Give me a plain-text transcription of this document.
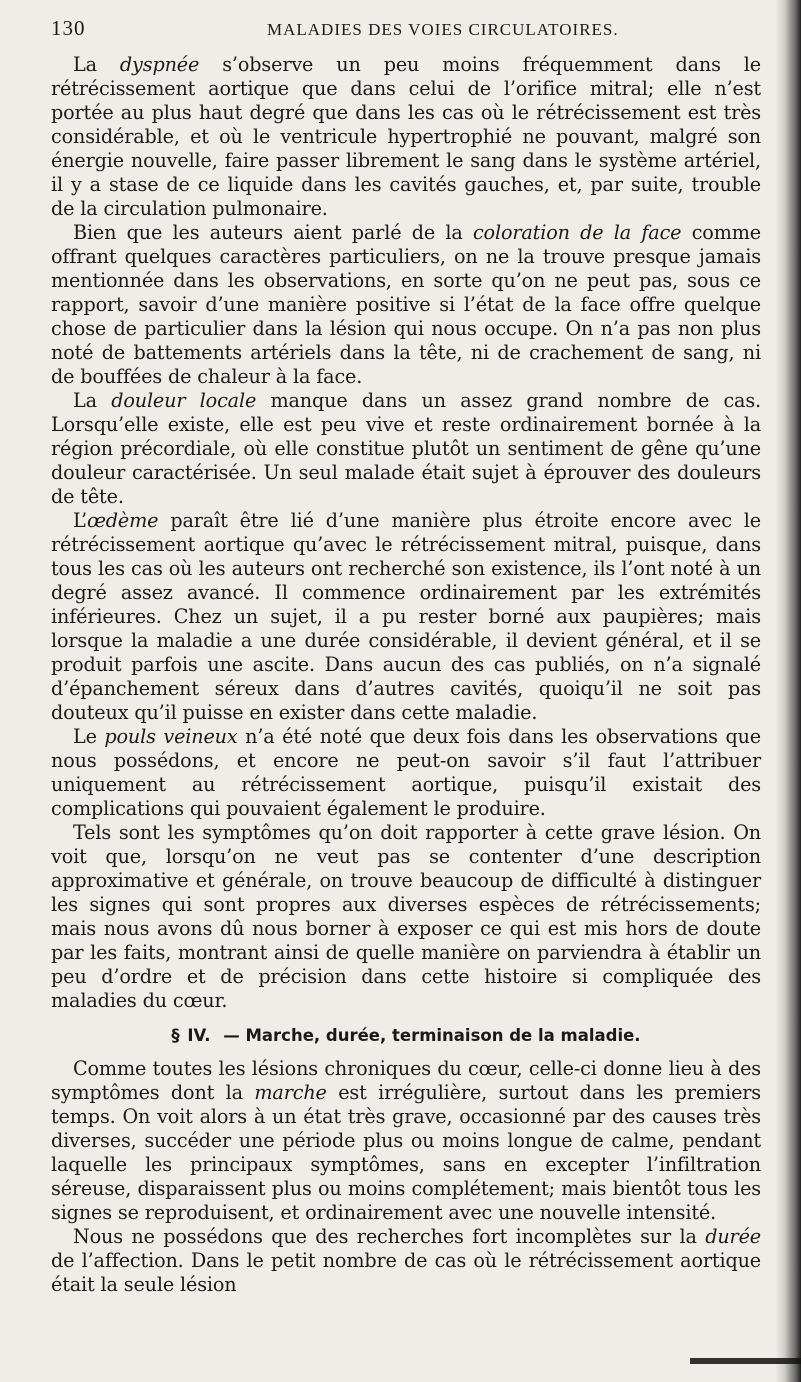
130	MALADIES DES VOIES CIRCULATOIRES.

La dyspnée s’observe un peu moins fréquemment dans le rétrécissement aortique que dans celui de l’orifice mitral; elle n’est portée au plus haut degré que dans les cas où le rétrécissement est très considérable, et où le ventricule hypertrophié ne pouvant, malgré son énergie nouvelle, faire passer librement le sang dans le système artériel, il y a stase de ce liquide dans les cavités gauches, et, par suite, trouble de la circulation pulmonaire.

Bien que les auteurs aient parlé de la coloration de la face comme offrant quelques caractères particuliers, on ne la trouve presque jamais mentionnée dans les observations, en sorte qu’on ne peut pas, sous ce rapport, savoir d’une manière positive si l’état de la face offre quelque chose de particulier dans la lésion qui nous occupe. On n’a pas non plus noté de battements artériels dans la tête, ni de crachement de sang, ni de bouffées de chaleur à la face.

La douleur locale manque dans un assez grand nombre de cas. Lorsqu’elle existe, elle est peu vive et reste ordinairement bornée à la région précordiale, où elle constitue plutôt un sentiment de gêne qu’une douleur caractérisée. Un seul malade était sujet à éprouver des douleurs de tête.

L’œdème paraît être lié d’une manière plus étroite encore avec le rétrécissement aortique qu’avec le rétrécissement mitral, puisque, dans tous les cas où les auteurs ont recherché son existence, ils l’ont noté à un degré assez avancé. Il commence ordinairement par les extrémités inférieures. Chez un sujet, il a pu rester borné aux paupières; mais lorsque la maladie a une durée considérable, il devient général, et il se produit parfois une ascite. Dans aucun des cas publiés, on n’a signalé d’épanchement séreux dans d’autres cavités, quoiqu’il ne soit pas douteux qu’il puisse en exister dans cette maladie.

Le pouls veineux n’a été noté que deux fois dans les observations que nous possédons, et encore ne peut-on savoir s’il faut l’attribuer uniquement au rétrécissement aortique, puisqu’il existait des complications qui pouvaient également le produire.

Tels sont les symptômes qu’on doit rapporter à cette grave lésion. On voit que, lorsqu’on ne veut pas se contenter d’une description approximative et générale, on trouve beaucoup de difficulté à distinguer les signes qui sont propres aux diverses espèces de rétrécissements; mais nous avons dû nous borner à exposer ce qui est mis hors de doute par les faits, montrant ainsi de quelle manière on parviendra à établir un peu d’ordre et de précision dans cette histoire si compliquée des maladies du cœur.

§ IV. — Marche, durée, terminaison de la maladie.

Comme toutes les lésions chroniques du cœur, celle-ci donne lieu à des symptômes dont la marche est irrégulière, surtout dans les premiers temps. On voit alors à un état très grave, occasionné par des causes très diverses, succéder une période plus ou moins longue de calme, pendant laquelle les principaux symptômes, sans en excepter l’infiltration séreuse, disparaissent plus ou moins complétement; mais bientôt tous les signes se reproduisent, et ordinairement avec une nouvelle intensité.

Nous ne possédons que des recherches fort incomplètes sur la durée de l’affection. Dans le petit nombre de cas où le rétrécissement aortique était la seule lésion
